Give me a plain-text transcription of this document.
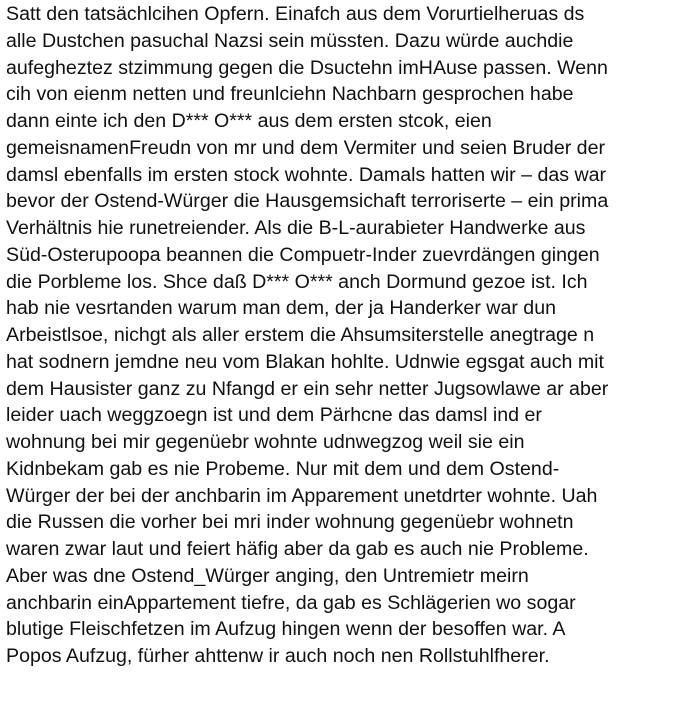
Satt den tatsächlcihen Opfern. Einafch aus dem Vorurtielheruas ds
alle Dustchen pasuchal Nazsi sein müssten. Dazu würde auchdie
aufegheztez stzimmung gegen die Dsuctehn imHAuse passen. Wenn
cih von eienm netten und freunlciehn Nachbarn gesprochen habe
dann einte ich den D*** O*** aus dem ersten stcok, eien
gemeisnamenFreudn von mr und dem Vermiter und seien Bruder der
damsl ebenfalls im ersten stock wohnte. Damals hatten wir – das war
bevor der Ostend-Würger die Hausgemsichaft terroriserte – ein prima
Verhältnis hie runetreiender. Als die B-L-aurabieter Handwerke aus
Süd-Osterupoopa beannen die Compuetr-Inder zuevrdängen gingen
die Porbleme los. Shce daß D*** O*** anch Dormund gezoe ist. Ich
hab nie vesrtanden warum man dem, der ja Handerker war dun
Arbeistlsoe, nichgt als aller erstem die Ahsumsiterstelle anegtrage n
hat sodnern jemdne neu vom Blakan hohlte. Udnwie egsgat auch mit
dem Hausister ganz zu Nfangd er ein sehr netter Jugsowlawe ar aber
leider uach weggzoegn ist und dem Pärhcne das damsl ind er
wohnung bei mir gegenüebr wohnte udnwegzog weil sie ein
Kidnbekam gab es nie Probeme. Nur mit dem und dem Ostend-
Würger der bei der anchbarin im Apparement unetdrter wohnte. Uah
die Russen die vorher bei mri inder wohnung gegenüebr wohnetn
waren zwar laut und feiert häfig aber da gab es auch nie Probleme.
Aber was dne Ostend_Würger anging, den Untremietr meirn
anchbarin einAppartement tiefre, da gab es Schlägerien wo sogar
blutige Fleischfetzen im Aufzug hingen wenn der besoffen war. A
Popos Aufzug, fürher ahttenw ir auch noch nen Rollstuhlfherer.
